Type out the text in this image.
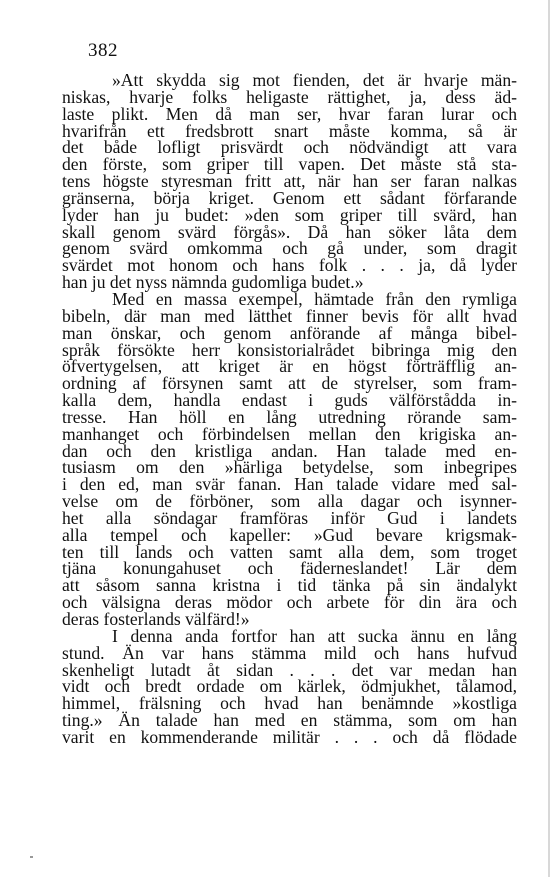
382
»Att skydda sig mot fienden, det är hvarje män-
niskas, hvarje folks heligaste rättighet, ja, dess äd-
laste plikt. Men då man ser, hvar faran lurar och
hvarifrån ett fredsbrott snart måste komma, så är
det både lofligt prisvärdt och nödvändigt att vara
den förste, som griper till vapen. Det måste stå sta-
tens högste styresman fritt att, när han ser faran nalkas
gränserna, börja kriget. Genom ett sådant förfarande
lyder han ju budet: »den som griper till svärd, han
skall genom svärd förgås». Då han söker låta dem
genom svärd omkomma och gå under, som dragit
svärdet mot honom och hans folk . . . ja, då lyder
han ju det nyss nämnda gudomliga budet.»
Med en massa exempel, hämtade från den rymliga
bibeln, där man med lätthet finner bevis för allt hvad
man önskar, och genom anförande af många bibel-
språk försökte herr konsistorialrådet bibringa mig den
öfvertygelsen, att kriget är en högst förträfflig an-
ordning af försynen samt att de styrelser, som fram-
kalla dem, handla endast i guds välförstådda in-
tresse. Han höll en lång utredning rörande sam-
manhanget och förbindelsen mellan den krigiska an-
dan och den kristliga andan. Han talade med en-
tusiasm om den »härliga betydelse, som inbegripes
i den ed, man svär fanan. Han talade vidare med sal-
velse om de förböner, som alla dagar och isynner-
het alla söndagar framföras inför Gud i landets
alla tempel och kapeller: »Gud bevare krigsmak-
ten till lands och vatten samt alla dem, som troget
tjäna konungahuset och fäderneslandet! Lär dem
att såsom sanna kristna i tid tänka på sin ändalykt
och välsigna deras mödor och arbete för din ära och
deras fosterlands välfärd!»
I denna anda fortfor han att sucka ännu en lång
stund. Än var hans stämma mild och hans hufvud
skenheligt lutadt åt sidan . . . det var medan han
vidt och bredt ordade om kärlek, ödmjukhet, tålamod,
himmel, frälsning och hvad han benämnde »kostliga
ting.» Än talade han med en stämma, som om han
varit en kommenderande militär . . . och då flödade
